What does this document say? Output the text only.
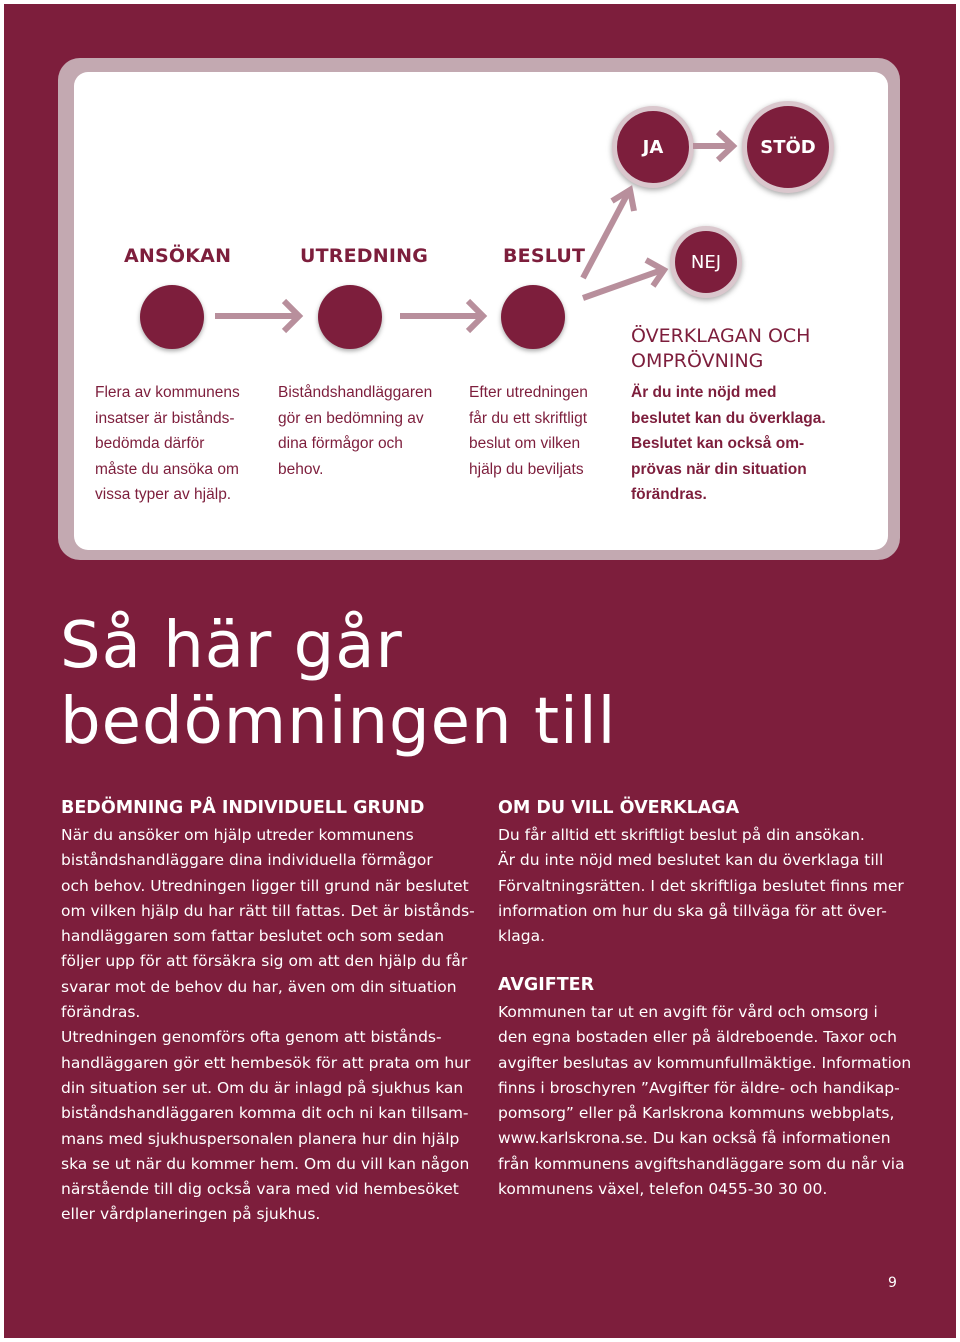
ANSÖKAN	UTREDNING	BESLUT
JA	STÖD
NEJ
Flera av kommunens
insatser är bistånds-
bedömda därför
måste du ansöka om
vissa typer av hjälp.
Biståndshandläggaren
gör en bedömning av
dina förmågor och
behov.
Efter utredningen
får du ett skriftligt
beslut om vilken
hjälp du beviljats
ÖVERKLAGAN OCH
OMPRÖVNING
Är du inte nöjd med
beslutet kan du överklaga.
Beslutet kan också om-
prövas när din situation
förändras.
Så här går
bedömningen till
BEDÖMNING PÅ INDIVIDUELL GRUND
När du ansöker om hjälp utreder kommunens
biståndshandläggare dina individuella förmågor
och behov. Utredningen ligger till grund när beslutet
om vilken hjälp du har rätt till fattas. Det är bistånds-
handläggaren som fattar beslutet och som sedan
följer upp för att försäkra sig om att den hjälp du får
svarar mot de behov du har, även om din situation
förändras.
Utredningen genomförs ofta genom att bistånds-
handläggaren gör ett hembesök för att prata om hur
din situation ser ut. Om du är inlagd på sjukhus kan
biståndshandläggaren komma dit och ni kan tillsam-
mans med sjukhuspersonalen planera hur din hjälp
ska se ut när du kommer hem. Om du vill kan någon
närstående till dig också vara med vid hembesöket
eller vårdplaneringen på sjukhus.
OM DU VILL ÖVERKLAGA
Du får alltid ett skriftligt beslut på din ansökan.
Är du inte nöjd med beslutet kan du överklaga till
Förvaltningsrätten. I det skriftliga beslutet finns mer
information om hur du ska gå tillväga för att över-
klaga.
AVGIFTER
Kommunen tar ut en avgift för vård och omsorg i
den egna bostaden eller på äldreboende. Taxor och
avgifter beslutas av kommunfullmäktige. Information
finns i broschyren ”Avgifter för äldre- och handikap-
pomsorg” eller på Karlskrona kommuns webbplats,
www.karlskrona.se. Du kan också få informationen
från kommunens avgiftshandläggare som du når via
kommunens växel, telefon 0455-30 30 00.
9
